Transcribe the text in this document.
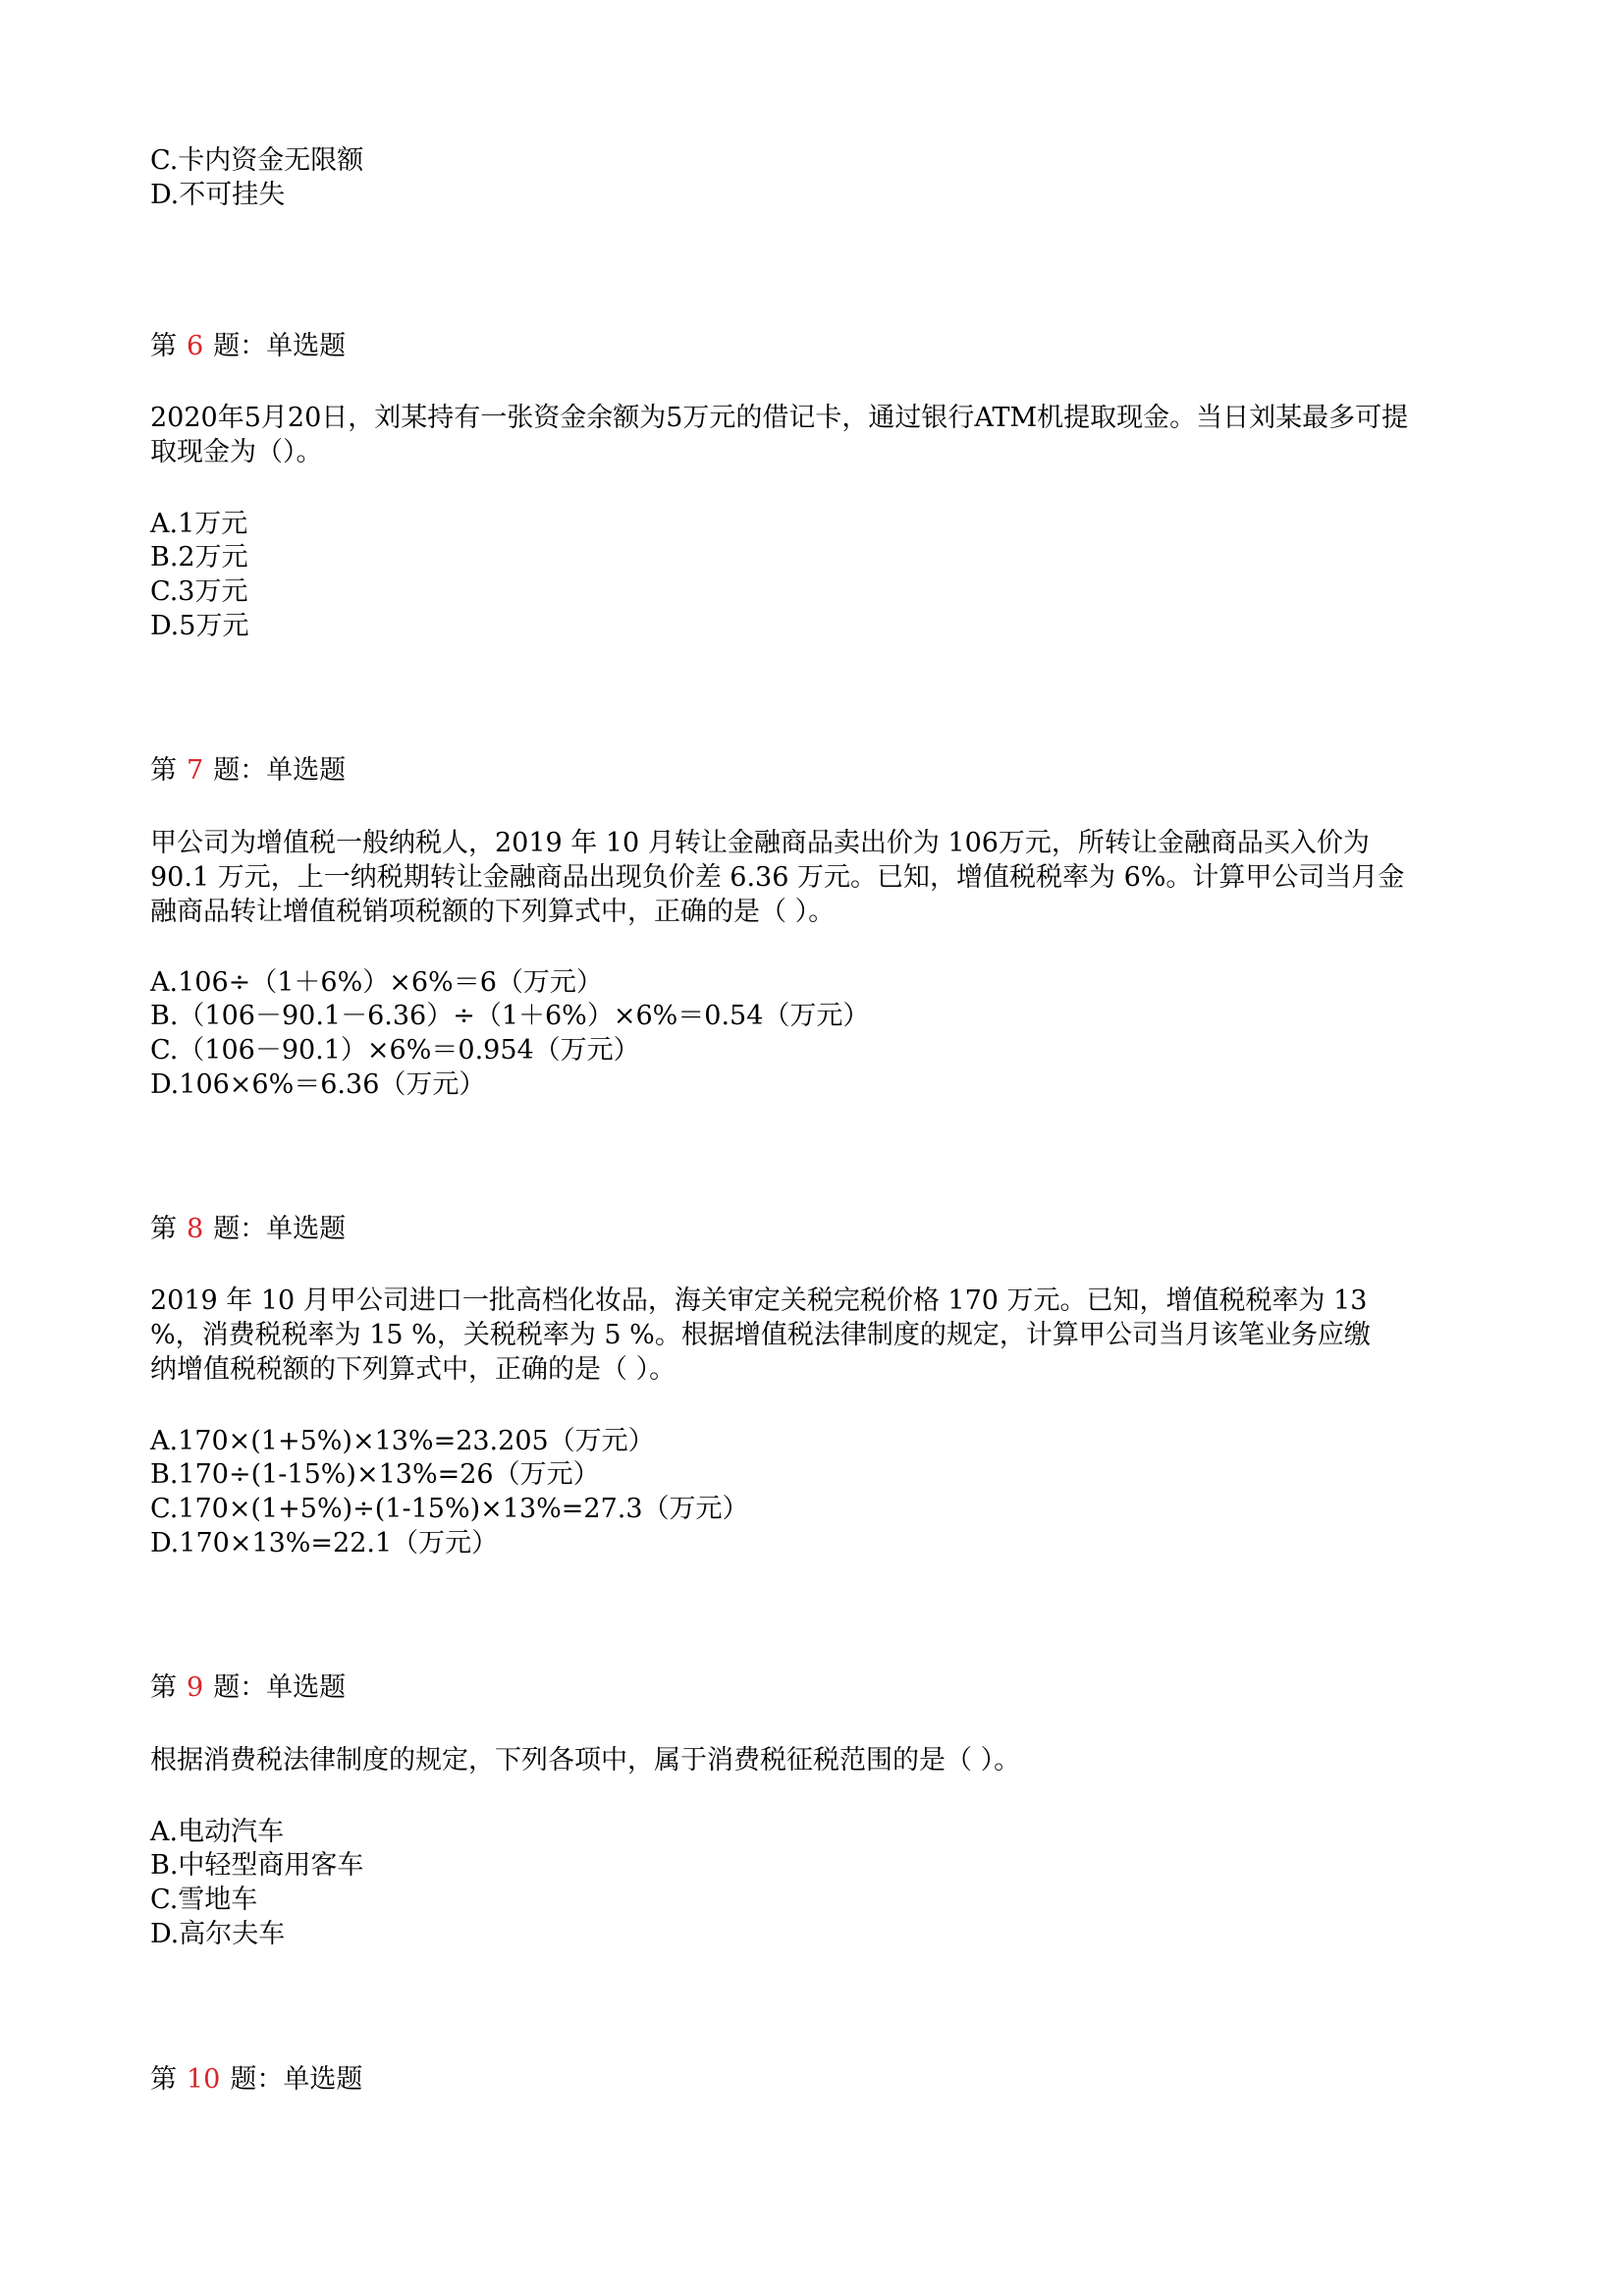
C.卡内资金无限额
D.不可挂失
第 6 题：单选题
2020年5月20日，刘某持有一张资金余额为5万元的借记卡，通过银行ATM机提取现金。当日刘某最多可提
取现金为（）。
A.1万元
B.2万元
C.3万元
D.5万元
第 7 题：单选题
甲公司为增值税一般纳税人，2019 年 10 月转让金融商品卖出价为 106万元，所转让金融商品买入价为
90.1 万元，上一纳税期转让金融商品出现负价差 6.36 万元。已知，增值税税率为 6%。计算甲公司当月金
融商品转让增值税销项税额的下列算式中，正确的是（ ）。
A.106÷（1＋6%）×6%＝6（万元）
B.（106－90.1－6.36）÷（1＋6%）×6%＝0.54（万元）
C.（106－90.1）×6%＝0.954（万元）
D.106×6%＝6.36（万元）
第 8 题：单选题
2019 年 10 月甲公司进口一批高档化妆品，海关审定关税完税价格 170 万元。已知，增值税税率为 13
%，消费税税率为 15 %，关税税率为 5 %。根据增值税法律制度的规定，计算甲公司当月该笔业务应缴
纳增值税税额的下列算式中，正确的是（ ）。
A.170×(1+5%)×13%=23.205（万元）
B.170÷(1-15%)×13%=26（万元）
C.170×(1+5%)÷(1-15%)×13%=27.3（万元）
D.170×13%=22.1（万元）
第 9 题：单选题
根据消费税法律制度的规定，下列各项中，属于消费税征税范围的是（ ）。
A.电动汽车
B.中轻型商用客车
C.雪地车
D.高尔夫车
第 10 题：单选题
